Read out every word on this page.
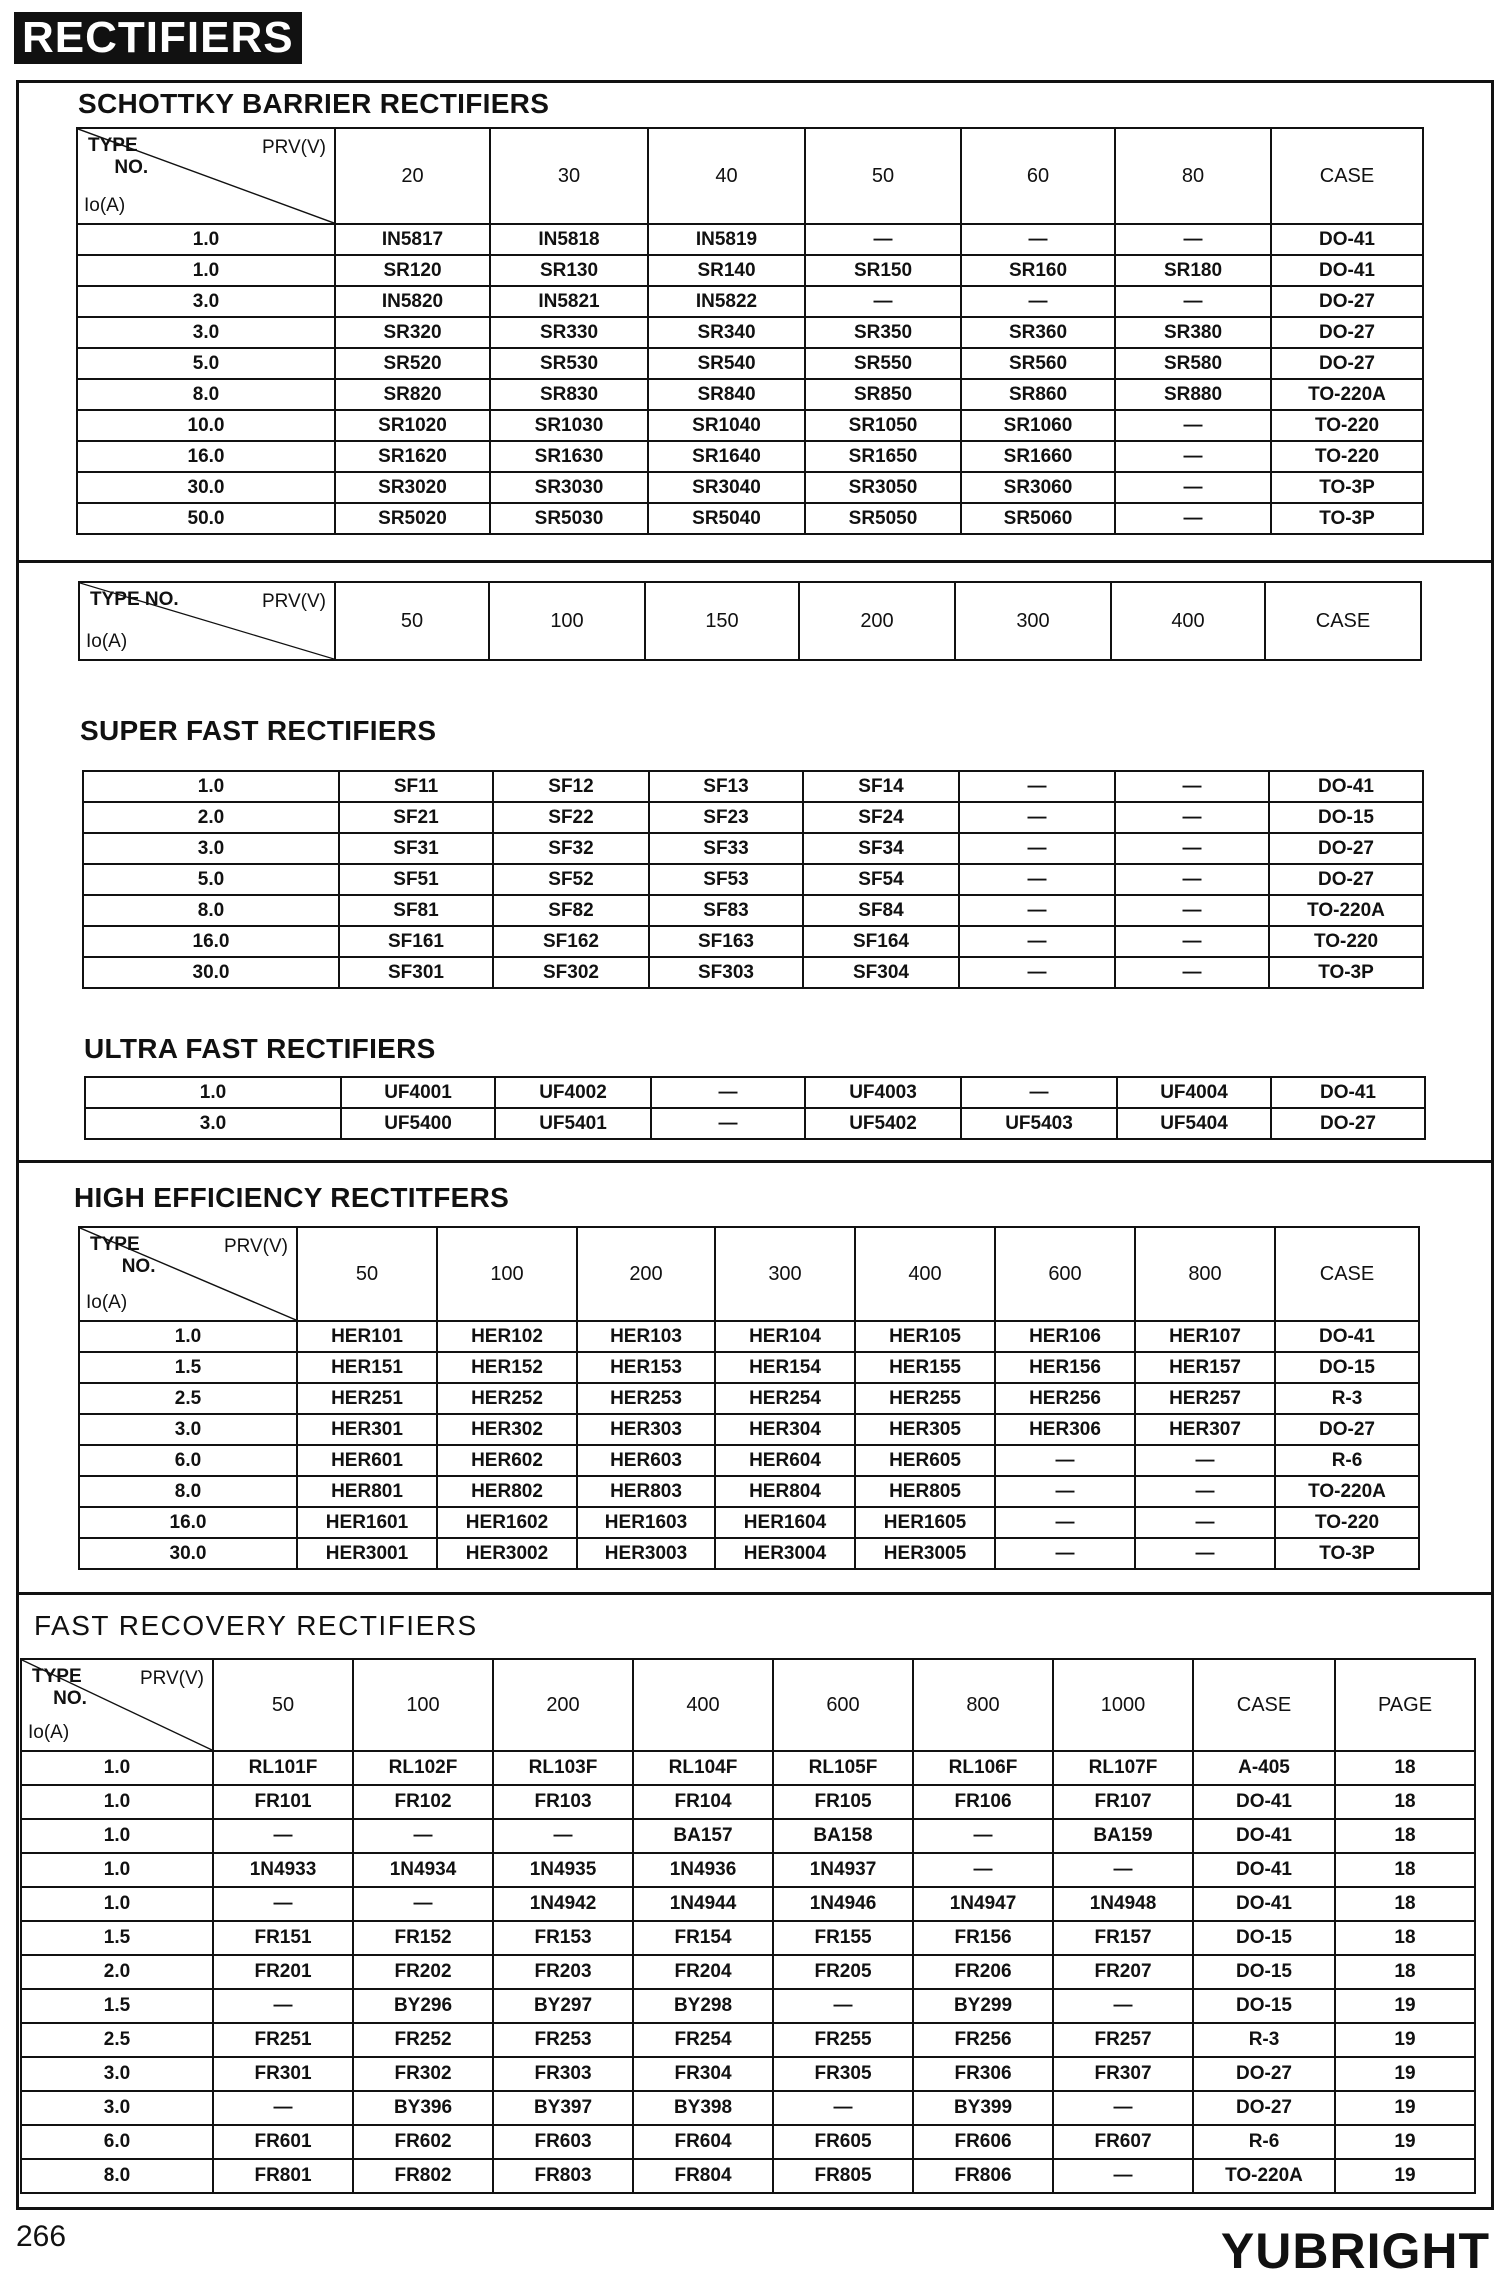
RECTIFIERS
SCHOTTKY BARRIER RECTIFIERS
TYPE
NO.
PRV(V)
Io(A)	20	30	40	50	60	80	CASE
1.0	IN5817	IN5818	IN5819	—	—	—	DO-41
1.0	SR120	SR130	SR140	SR150	SR160	SR180	DO-41
3.0	IN5820	IN5821	IN5822	—	—	—	DO-27
3.0	SR320	SR330	SR340	SR350	SR360	SR380	DO-27
5.0	SR520	SR530	SR540	SR550	SR560	SR580	DO-27
8.0	SR820	SR830	SR840	SR850	SR860	SR880	TO-220A
10.0	SR1020	SR1030	SR1040	SR1050	SR1060	—	TO-220
16.0	SR1620	SR1630	SR1640	SR1650	SR1660	—	TO-220
30.0	SR3020	SR3030	SR3040	SR3050	SR3060	—	TO-3P
50.0	SR5020	SR5030	SR5040	SR5050	SR5060	—	TO-3P
TYPE NO.	PRV(V)
Io(A)
	50	100	150	200	300	400	CASE
SUPER FAST RECTIFIERS
1.0	SF11	SF12	SF13	SF14	—	—	DO-41
2.0	SF21	SF22	SF23	SF24	—	—	DO-15
3.0	SF31	SF32	SF33	SF34	—	—	DO-27
5.0	SF51	SF52	SF53	SF54	—	—	DO-27
8.0	SF81	SF82	SF83	SF84	—	—	TO-220A
16.0	SF161	SF162	SF163	SF164	—	—	TO-220
30.0	SF301	SF302	SF303	SF304	—	—	TO-3P
ULTRA FAST RECTIFIERS
1.0	UF4001	UF4002	—	UF4003	—	UF4004	DO-41
3.0	UF5400	UF5401	—	UF5402	UF5403	UF5404	DO-27
HIGH EFFICIENCY RECTITFERS
TYPE
NO.
PRV(V)
Io(A)	50	100	200	300	400	600	800	CASE
1.0	HER101	HER102	HER103	HER104	HER105	HER106	HER107	DO-41
1.5	HER151	HER152	HER153	HER154	HER155	HER156	HER157	DO-15
2.5	HER251	HER252	HER253	HER254	HER255	HER256	HER257	R-3
3.0	HER301	HER302	HER303	HER304	HER305	HER306	HER307	DO-27
6.0	HER601	HER602	HER603	HER604	HER605	—	—	R-6
8.0	HER801	HER802	HER803	HER804	HER805	—	—	TO-220A
16.0	HER1601	HER1602	HER1603	HER1604	HER1605	—	—	TO-220
30.0	HER3001	HER3002	HER3003	HER3004	HER3005	—	—	TO-3P
FAST RECOVERY RECTIFIERS
TYPE
NO.
PRV(V)
Io(A)	50	100	200	400	600	800	1000	CASE	PAGE
1.0	RL101F	RL102F	RL103F	RL104F	RL105F	RL106F	RL107F	A-405	18
1.0	FR101	FR102	FR103	FR104	FR105	FR106	FR107	DO-41	18
1.0	—	—	—	BA157	BA158	—	BA159	DO-41	18
1.0	1N4933	1N4934	1N4935	1N4936	1N4937	—	—	DO-41	18
1.0	—	—	1N4942	1N4944	1N4946	1N4947	1N4948	DO-41	18
1.5	FR151	FR152	FR153	FR154	FR155	FR156	FR157	DO-15	18
2.0	FR201	FR202	FR203	FR204	FR205	FR206	FR207	DO-15	18
1.5	—	BY296	BY297	BY298	—	BY299	—	DO-15	19
2.5	FR251	FR252	FR253	FR254	FR255	FR256	FR257	R-3	19
3.0	FR301	FR302	FR303	FR304	FR305	FR306	FR307	DO-27	19
3.0	—	BY396	BY397	BY398	—	BY399	—	DO-27	19
6.0	FR601	FR602	FR603	FR604	FR605	FR606	FR607	R-6	19
8.0	FR801	FR802	FR803	FR804	FR805	FR806	—	TO-220A	19
266	YUBRIGHT
